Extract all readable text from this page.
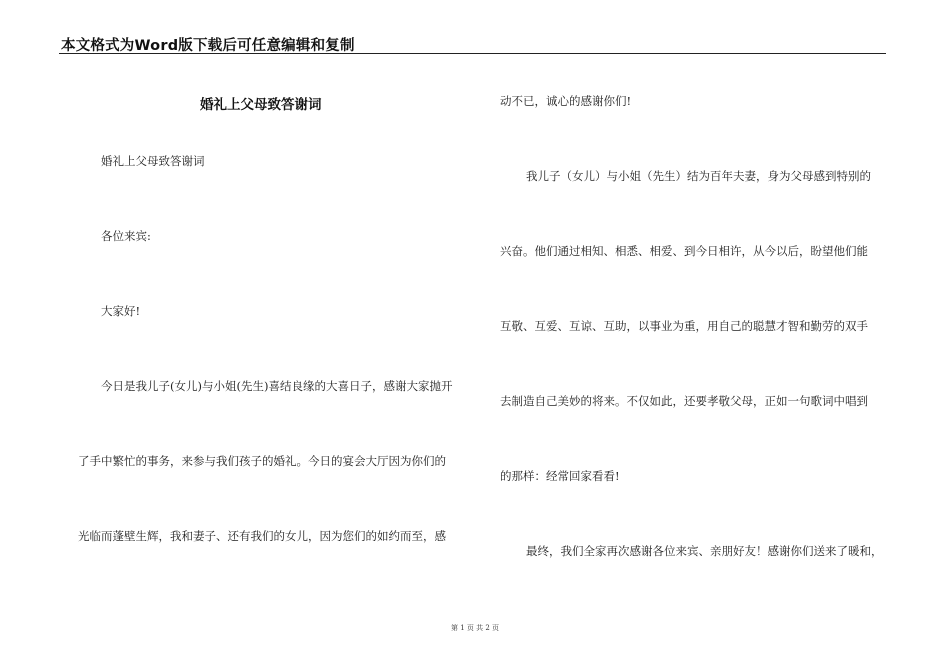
本文格式为Word版下载后可任意编辑和复制
婚礼上父母致答谢词
婚礼上父母致答谢词
各位来宾:
大家好!
今日是我儿子(女儿)与小姐(先生)喜结良缘的大喜日子，感谢大家抛开
了手中繁忙的事务，来参与我们孩子的婚礼。今日的宴会大厅因为你们的
光临而蓬壁生辉，我和妻子、还有我们的女儿，因为您们的如约而至，感
动不已，诚心的感谢你们!
我儿子（女儿）与小姐（先生）结为百年夫妻，身为父母感到特别的
兴奋。他们通过相知、相悉、相爱、到今日相许，从今以后，盼望他们能
互敬、互爱、互谅、互助，以事业为重，用自己的聪慧才智和勤劳的双手
去制造自己美妙的将来。不仅如此，还要孝敬父母，正如一句歌词中唱到
的那样：经常回家看看!
最终，我们全家再次感谢各位来宾、亲朋好友！感谢你们送来了暖和，
第 1 页 共 2 页
